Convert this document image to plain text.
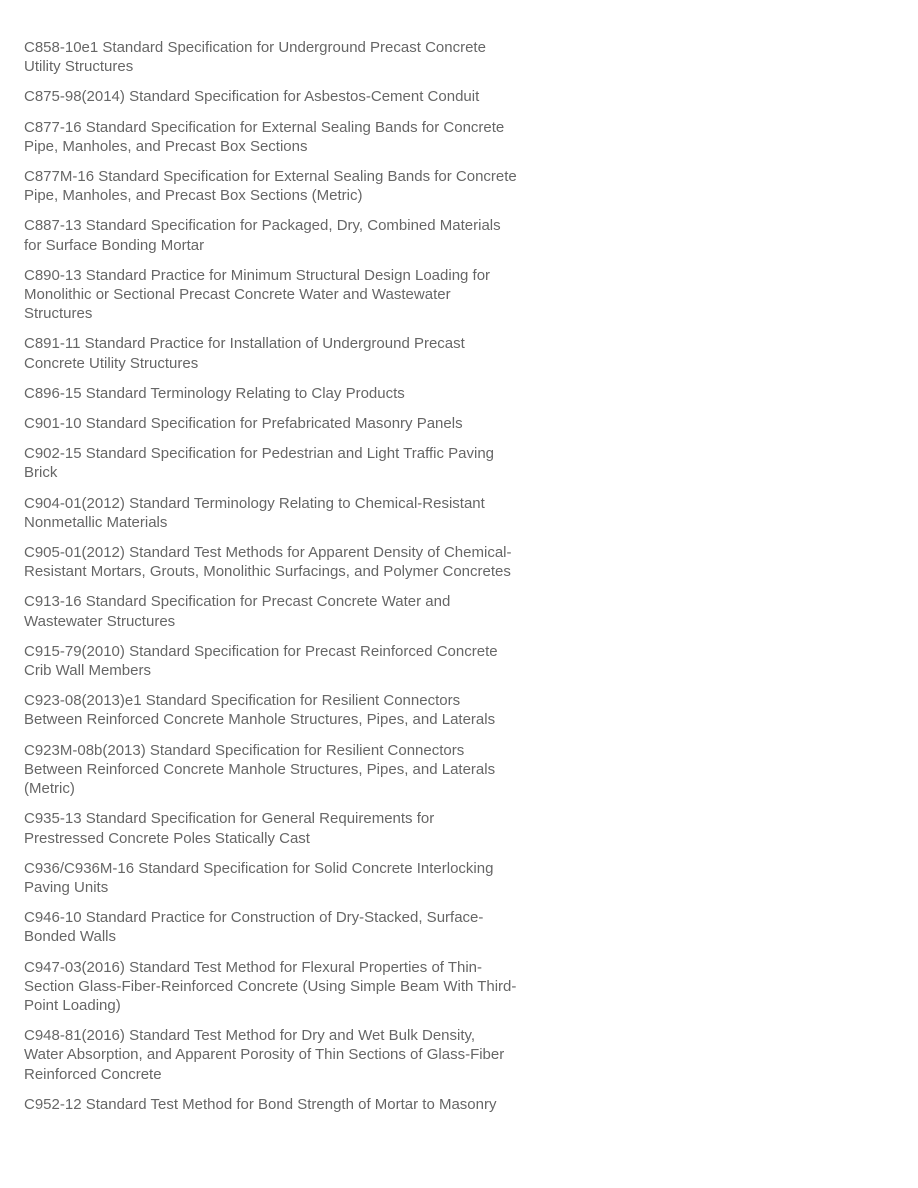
C858-10e1 Standard Specification for Underground Precast Concrete
Utility Structures
C875-98(2014) Standard Specification for Asbestos-Cement Conduit
C877-16 Standard Specification for External Sealing Bands for Concrete
Pipe, Manholes, and Precast Box Sections
C877M-16 Standard Specification for External Sealing Bands for Concrete
Pipe, Manholes, and Precast Box Sections (Metric)
C887-13 Standard Specification for Packaged, Dry, Combined Materials
for Surface Bonding Mortar
C890-13 Standard Practice for Minimum Structural Design Loading for
Monolithic or Sectional Precast Concrete Water and Wastewater
Structures
C891-11 Standard Practice for Installation of Underground Precast
Concrete Utility Structures
C896-15 Standard Terminology Relating to Clay Products
C901-10 Standard Specification for Prefabricated Masonry Panels
C902-15 Standard Specification for Pedestrian and Light Traffic Paving
Brick
C904-01(2012) Standard Terminology Relating to Chemical-Resistant
Nonmetallic Materials
C905-01(2012) Standard Test Methods for Apparent Density of Chemical-
Resistant Mortars, Grouts, Monolithic Surfacings, and Polymer Concretes
C913-16 Standard Specification for Precast Concrete Water and
Wastewater Structures
C915-79(2010) Standard Specification for Precast Reinforced Concrete
Crib Wall Members
C923-08(2013)e1 Standard Specification for Resilient Connectors
Between Reinforced Concrete Manhole Structures, Pipes, and Laterals
C923M-08b(2013) Standard Specification for Resilient Connectors
Between Reinforced Concrete Manhole Structures, Pipes, and Laterals
(Metric)
C935-13 Standard Specification for General Requirements for
Prestressed Concrete Poles Statically Cast
C936/C936M-16 Standard Specification for Solid Concrete Interlocking
Paving Units
C946-10 Standard Practice for Construction of Dry-Stacked, Surface-
Bonded Walls
C947-03(2016) Standard Test Method for Flexural Properties of Thin-
Section Glass-Fiber-Reinforced Concrete (Using Simple Beam With Third-
Point Loading)
C948-81(2016) Standard Test Method for Dry and Wet Bulk Density,
Water Absorption, and Apparent Porosity of Thin Sections of Glass-Fiber
Reinforced Concrete
C952-12 Standard Test Method for Bond Strength of Mortar to Masonry
